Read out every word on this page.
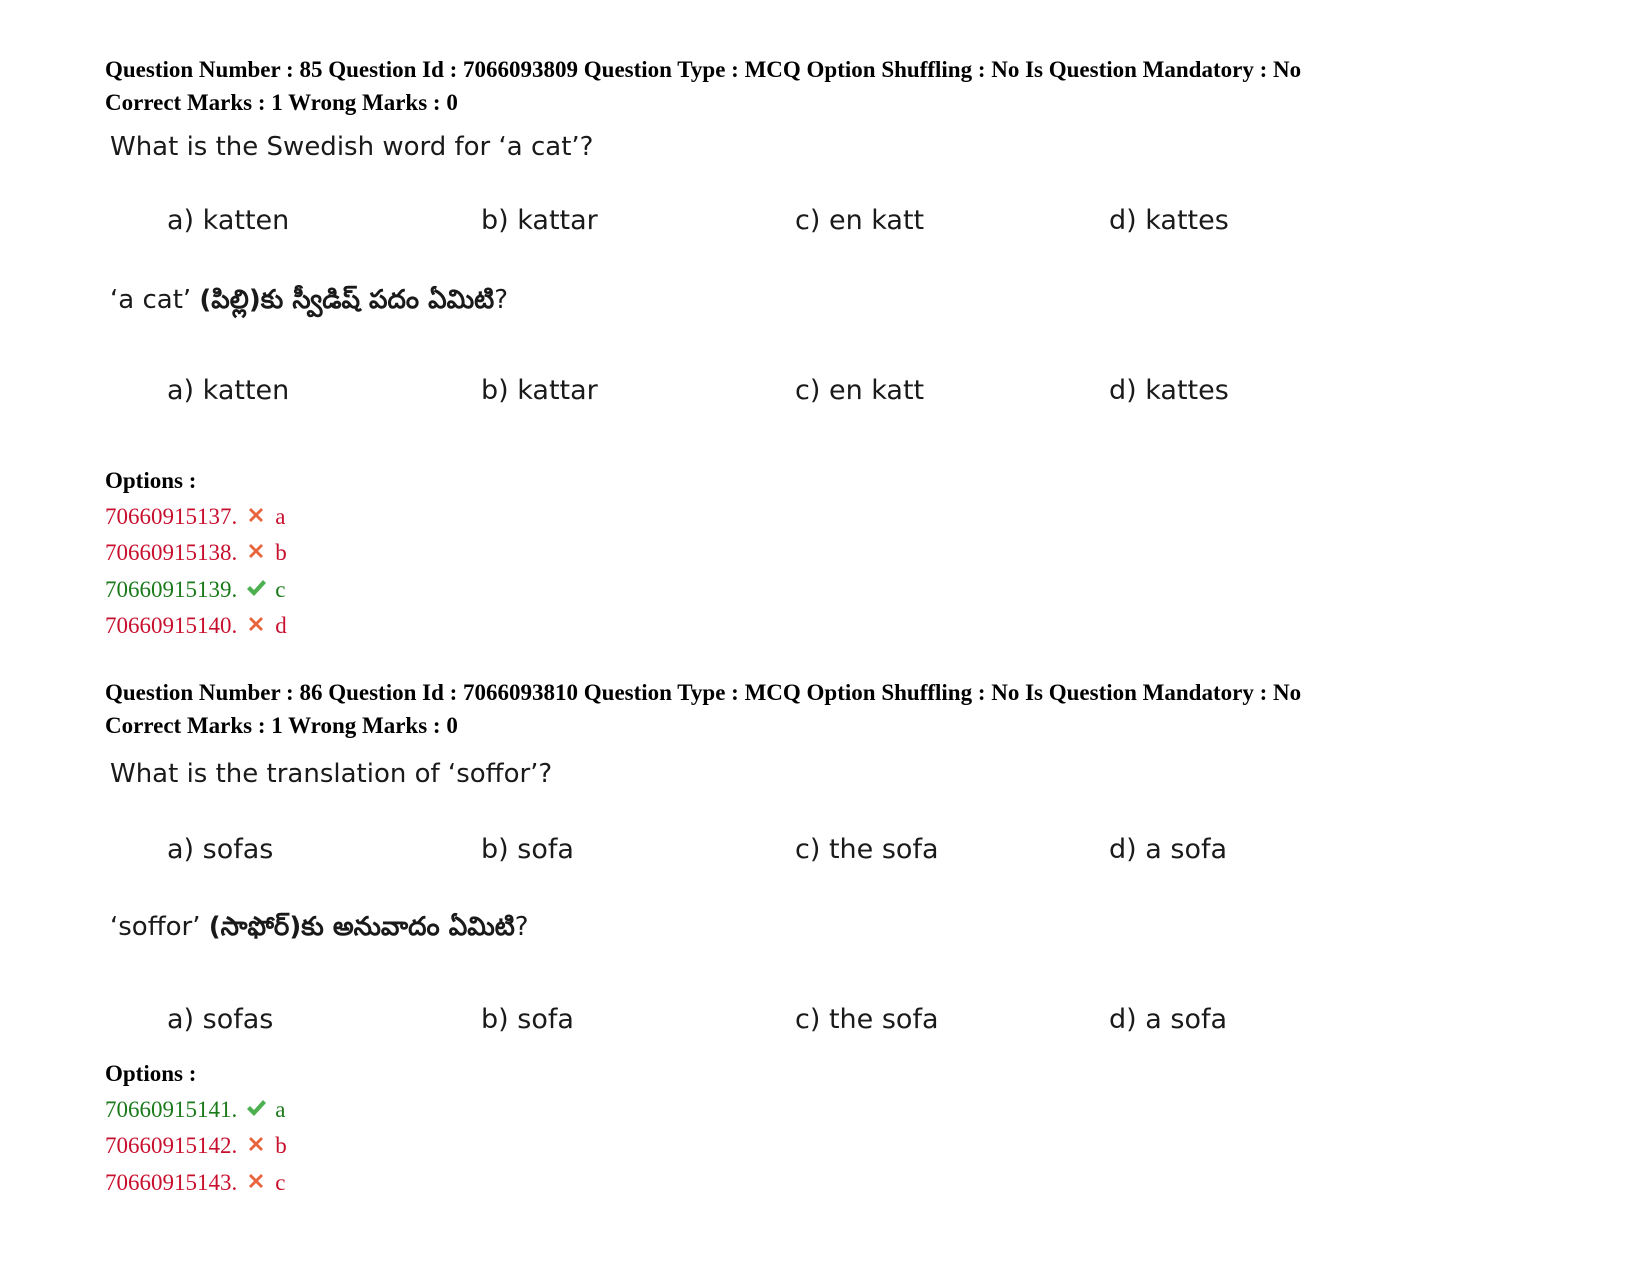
Question Number : 85 Question Id : 7066093809 Question Type : MCQ Option Shuffling : No Is Question Mandatory : No
Correct Marks : 1 Wrong Marks : 0
What is the Swedish word for ‘a cat’?
a) katten	b) kattar	c) en katt	d) kattes
‘a cat’ (పిల్లి)కు స్వీడిష్ పదం ఏమిటి?
a) katten	b) kattar	c) en katt	d) kattes
Options :
70660915137. a
70660915138. b
70660915139. c
70660915140. d
Question Number : 86 Question Id : 7066093810 Question Type : MCQ Option Shuffling : No Is Question Mandatory : No
Correct Marks : 1 Wrong Marks : 0
What is the translation of ‘soffor’?
a) sofas	b) sofa	c) the sofa	d) a sofa
‘soffor’ (సాఫోర్)కు అనువాదం ఏమిటి?
a) sofas	b) sofa	c) the sofa	d) a sofa
Options :
70660915141. a
70660915142. b
70660915143. c
